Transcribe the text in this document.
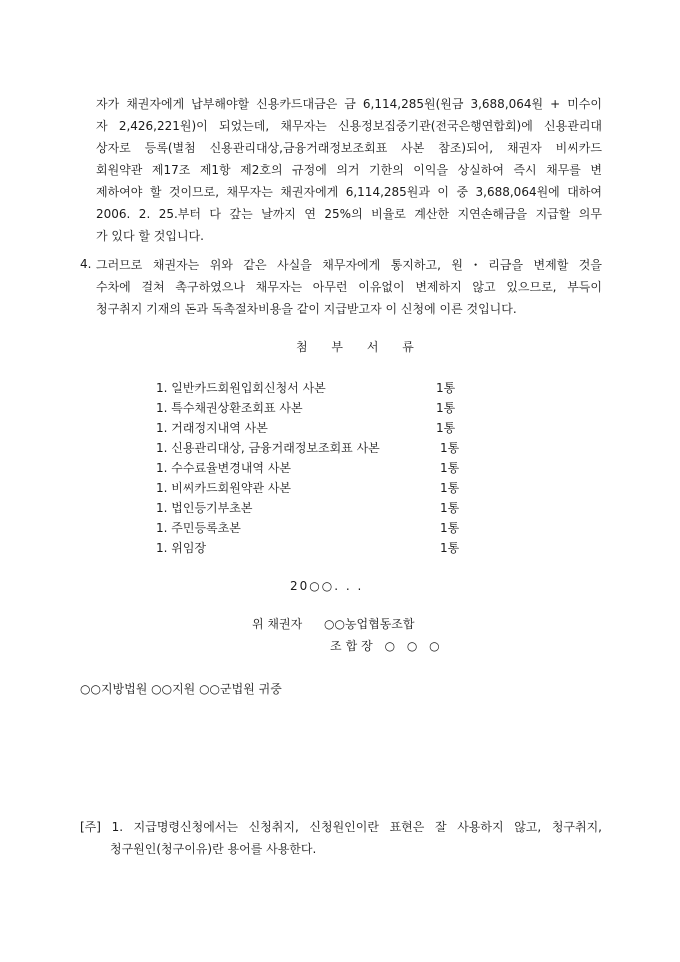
자가 채권자에게 납부해야할 신용카드대금은 금 6,114,285원(원금 3,688,064원 + 미수이
자 2,426,221원)이 되었는데, 채무자는 신용정보집중기관(전국은행연합회)에 신용관리대
상자로 등록(별첨 신용관리대상,금융거래정보조회표 사본 참조)되어, 채권자 비씨카드
회원약관 제17조 제1항 제2호의 규정에 의거 기한의 이익을 상실하여 즉시 채무를 변
제하여야 할 것이므로, 채무자는 채권자에게 6,114,285원과 이 중 3,688,064원에 대하여
2006. 2. 25.부터 다 갚는 날까지 연 25%의 비율로 계산한 지연손해금을 지급할 의무
가 있다 할 것입니다.
4. 그러므로 채권자는 위와 같은 사실을 채무자에게 통지하고, 원・리금을 변제할 것을
수차에 걸쳐 촉구하였으나 채무자는 아무런 이유없이 변제하지 않고 있으므로, 부득이
청구취지 기재의 돈과 독촉절차비용을 같이 지급받고자 이 신청에 이른 것입니다.
첨 부 서 류
1. 일반카드회원입회신청서 사본	1통
1. 특수채권상환조회표 사본	1통
1. 거래정지내역 사본	1통
1. 신용관리대상, 금융거래정보조회표 사본	1통
1. 수수료율변경내역 사본	1통
1. 비씨카드회원약관 사본	1통
1. 법인등기부초본	1통
1. 주민등록초본	1통
1. 위임장	1통
20○○. . .
위 채권자 ○○농업협동조합
조합장 ○ ○ ○
○○지방법원 ○○지원 ○○군법원 귀중
[주] 1. 지급명령신청에서는 신청취지, 신청원인이란 표현은 잘 사용하지 않고, 청구취지,
청구원인(청구이유)란 용어를 사용한다.
